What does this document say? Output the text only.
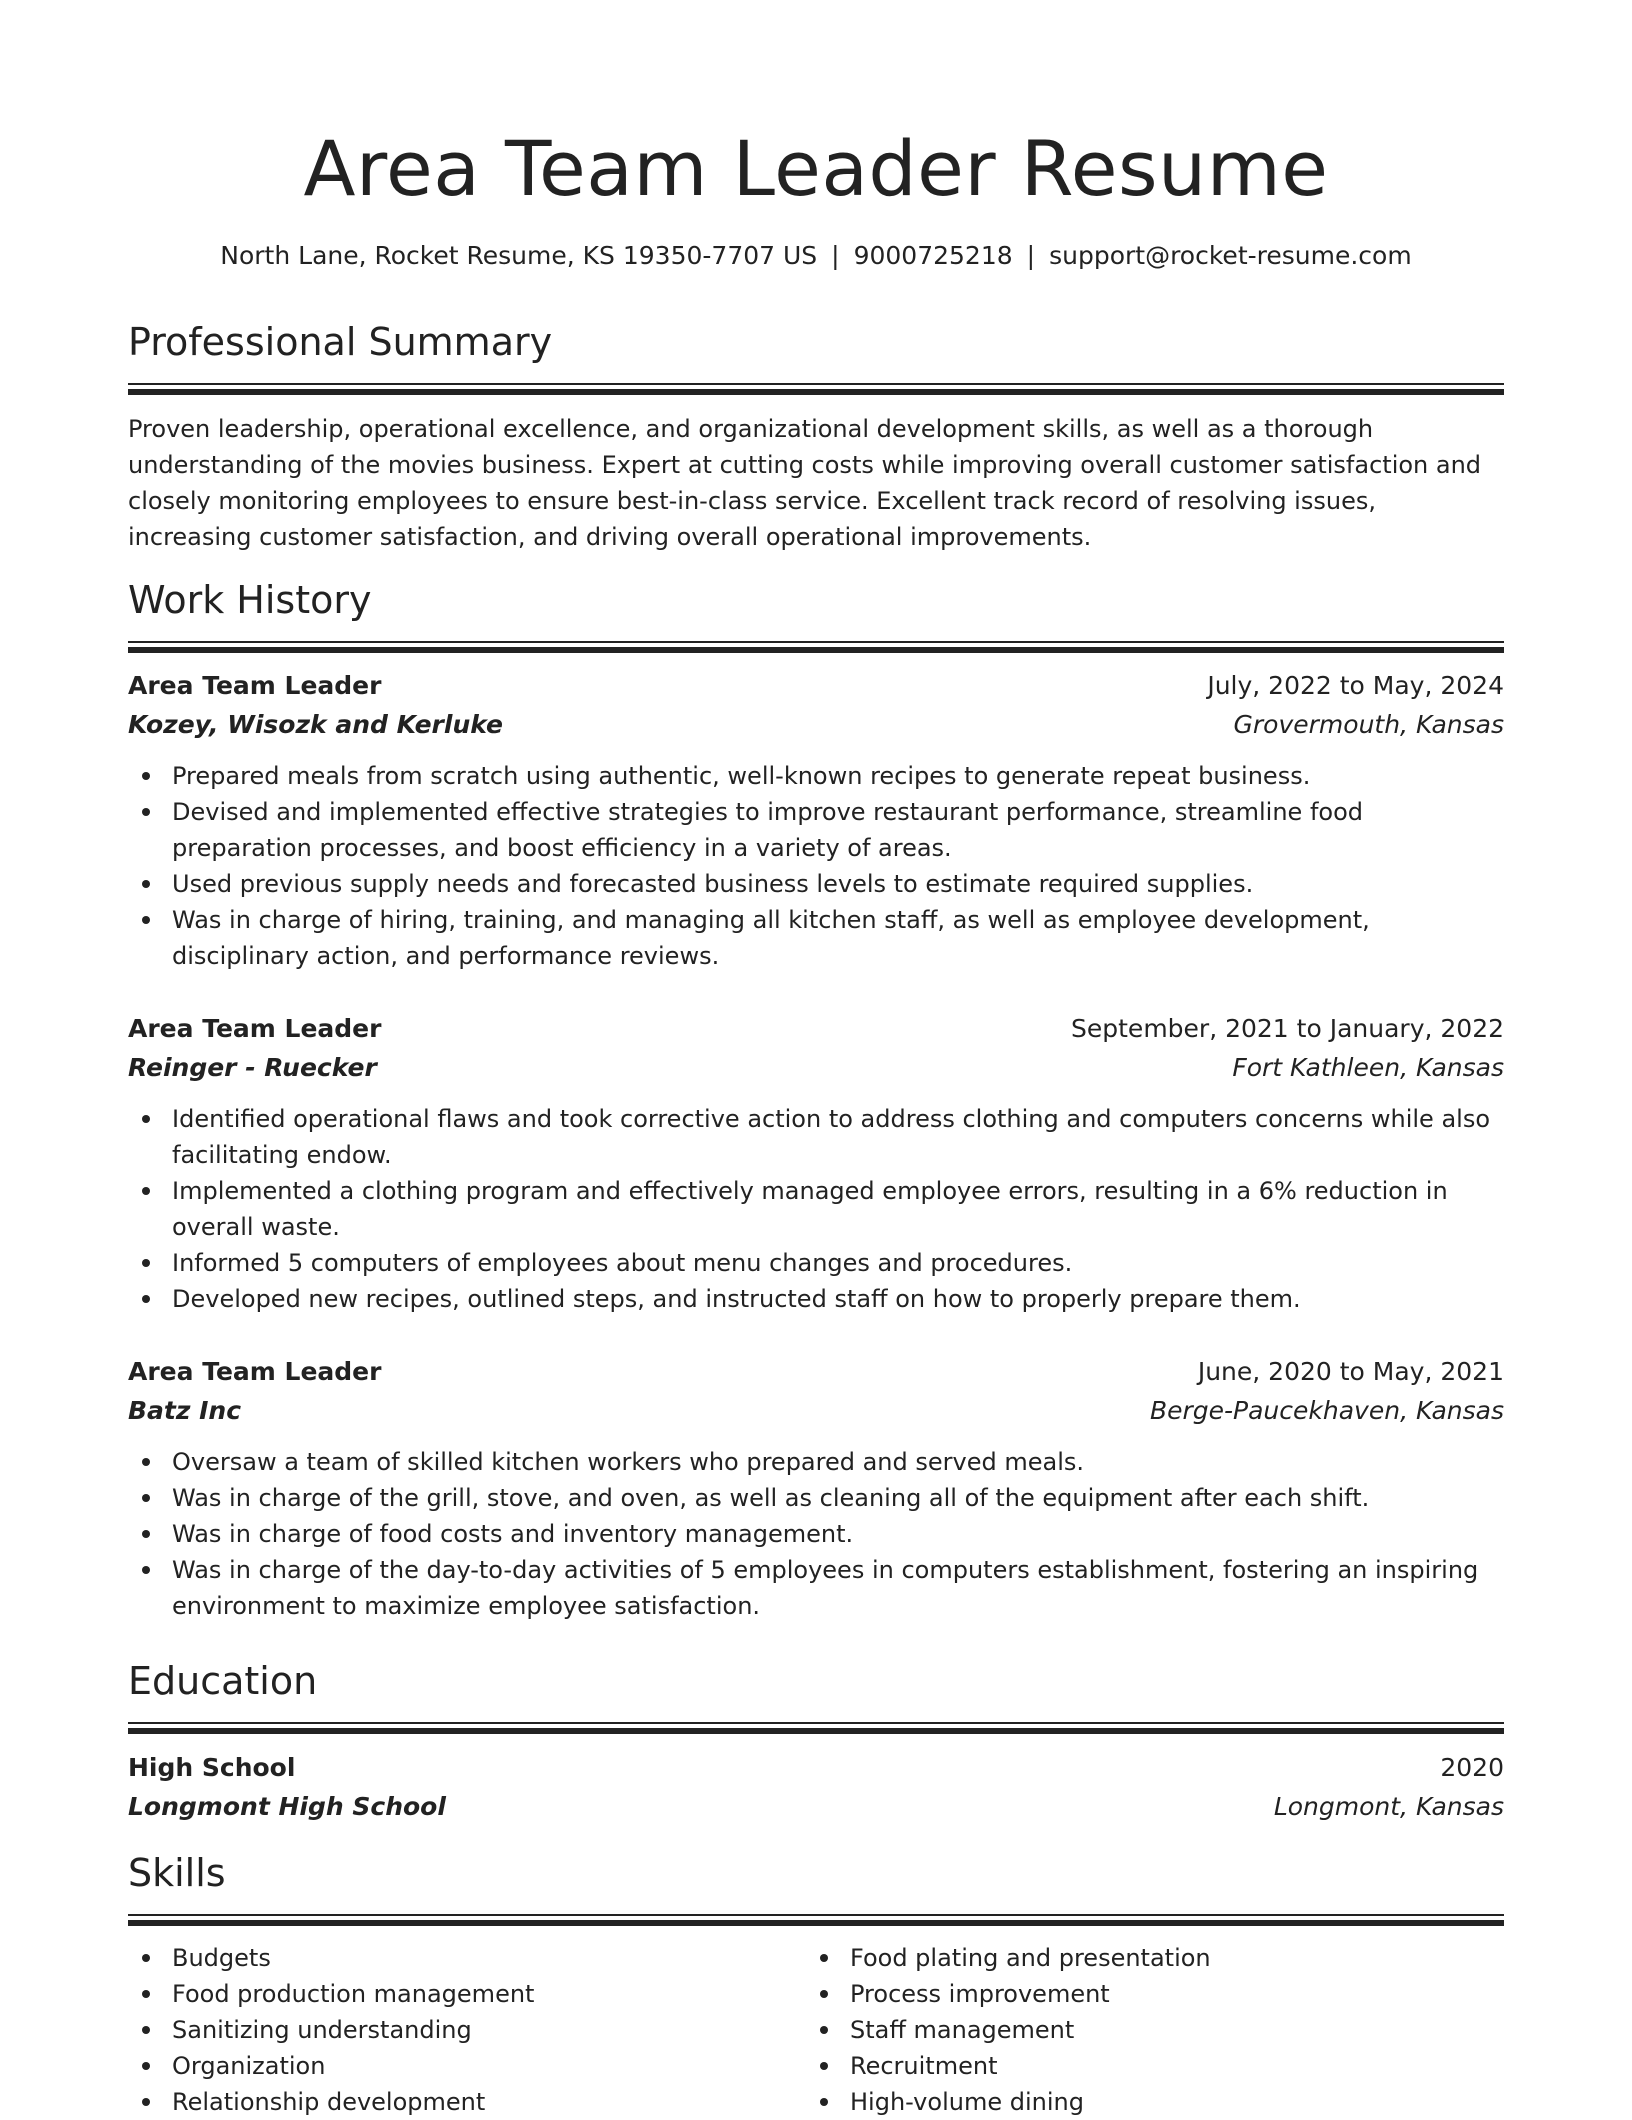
Area Team Leader Resume
North Lane, Rocket Resume, KS 19350-7707 US | 9000725218 | support@rocket-resume.com
Professional Summary
Proven leadership, operational excellence, and organizational development skills, as well as a thorough understanding of the movies business. Expert at cutting costs while improving overall customer satisfaction and closely monitoring employees to ensure best-in-class service. Excellent track record of resolving issues, increasing customer satisfaction, and driving overall operational improvements.
Work History
Area Team Leader	July, 2022 to May, 2024
Kozey, Wisozk and Kerluke	Grovermouth, Kansas
Prepared meals from scratch using authentic, well-known recipes to generate repeat business.
Devised and implemented effective strategies to improve restaurant performance, streamline food preparation processes, and boost efficiency in a variety of areas.
Used previous supply needs and forecasted business levels to estimate required supplies.
Was in charge of hiring, training, and managing all kitchen staff, as well as employee development, disciplinary action, and performance reviews.
Area Team Leader	September, 2021 to January, 2022
Reinger - Ruecker	Fort Kathleen, Kansas
Identified operational flaws and took corrective action to address clothing and computers concerns while also facilitating endow.
Implemented a clothing program and effectively managed employee errors, resulting in a 6% reduction in overall waste.
Informed 5 computers of employees about menu changes and procedures.
Developed new recipes, outlined steps, and instructed staff on how to properly prepare them.
Area Team Leader	June, 2020 to May, 2021
Batz Inc	Berge-Paucekhaven, Kansas
Oversaw a team of skilled kitchen workers who prepared and served meals.
Was in charge of the grill, stove, and oven, as well as cleaning all of the equipment after each shift.
Was in charge of food costs and inventory management.
Was in charge of the day-to-day activities of 5 employees in computers establishment, fostering an inspiring environment to maximize employee satisfaction.
Education
High School	2020
Longmont High School	Longmont, Kansas
Skills
Budgets
Food production management
Sanitizing understanding
Organization
Relationship development
Food plating and presentation
Process improvement
Staff management
Recruitment
High-volume dining
